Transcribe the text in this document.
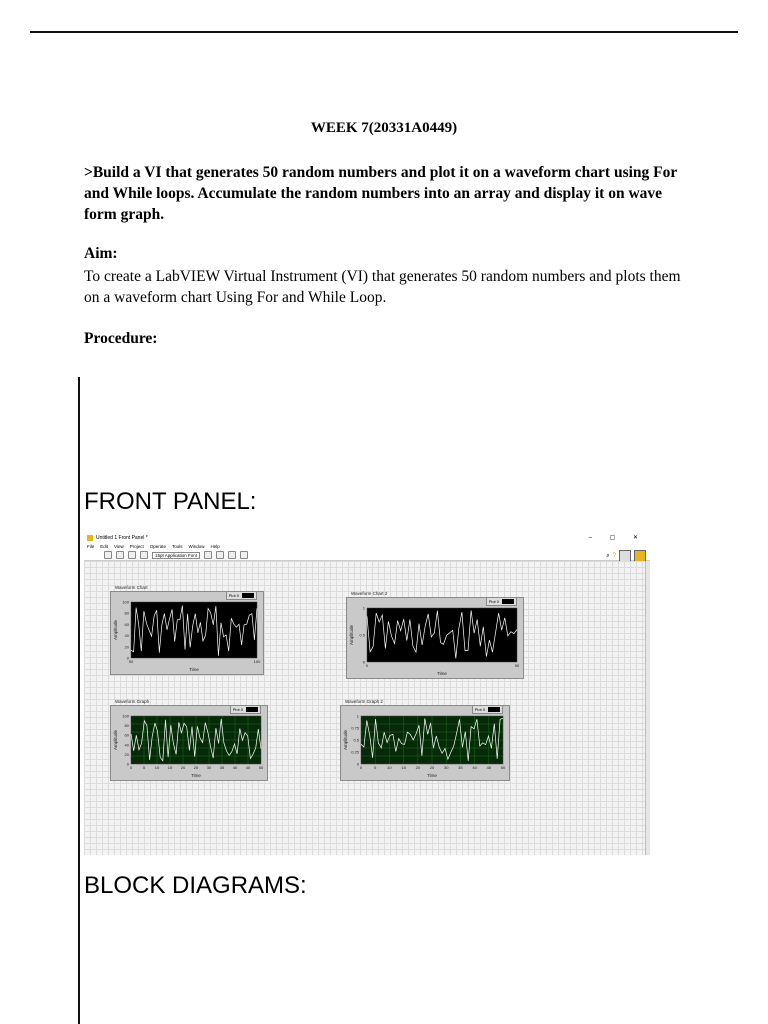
WEEK 7(20331A0449)
>Build a VI that generates 50 random numbers and plot it on a waveform chart using For and While loops. Accumulate the random numbers into an array and display it on wave form graph.
Aim:
To create a LabVIEW Virtual Instrument (VI) that generates 50 random numbers and plots them on a waveform chart Using For and While Loop.
Procedure:
FRONT PANEL:
Untitled 1 Front Panel *	– ▢ ✕
File Edit View Project Operate Tools Window Help
15pt Application Font	⌕ ?
Waveform Chart
Plot 0
100
80
60
40
20
0
50	100
Time
Amplitude
Waveform Chart 2
Plot 0
1
0.5
0
0	50
Time
Amplitude
Waveform Graph
Plot 0
100
80
60
40
20
0
0	5 10 15 20 25 30 35 40 45 50
Time
Amplitude
Waveform Graph 2
Plot 0
1
0.75
0.5
0.25
0
0	5	10 15 20 25 30 35 40 45 50
Time
Amplitude
BLOCK DIAGRAMS:
